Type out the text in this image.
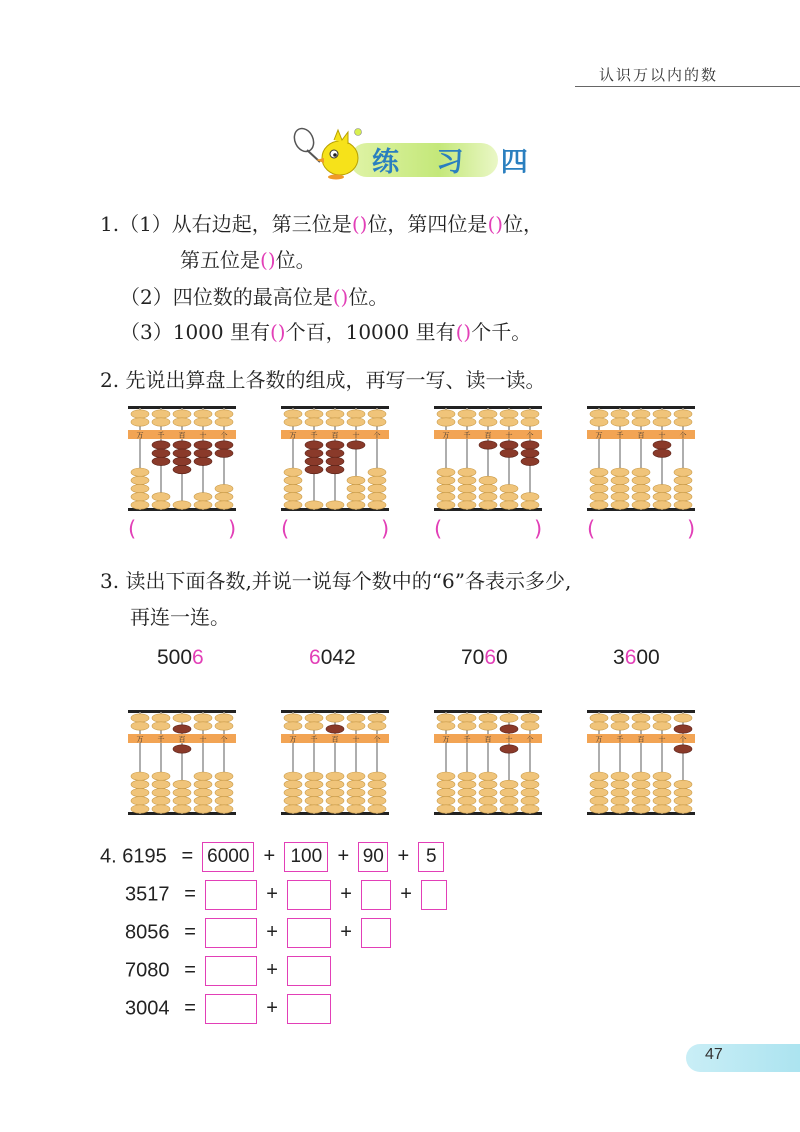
认识万以内的数
练 习 四
1.（1）从右边起，第三位是()位，第四位是()位，
第五位是()位。
（2）四位数的最高位是()位。
（3）1000 里有()个百，10000 里有()个千。
2. 先说出算盘上各数的组成，再写一写、读一读。
万 千 百 十 个	万 千 百 十 个	万 千 百 十 个	万 千 百 十 个
3. 读出下面各数,并说一说每个数中的“6”各表示多少,
再连一连。
5006	6042	7060	3600
万 千 百 十 个	万 千 百 十 个	万 千 百 十 个	万 千 百 十 个
4. 6195 = 6000 + 100 + 90 + 5
3517 =	+	+ +
8056 =	+	+
7080 =	+
3004 =	+
47
(	) (	) (	) (	)
